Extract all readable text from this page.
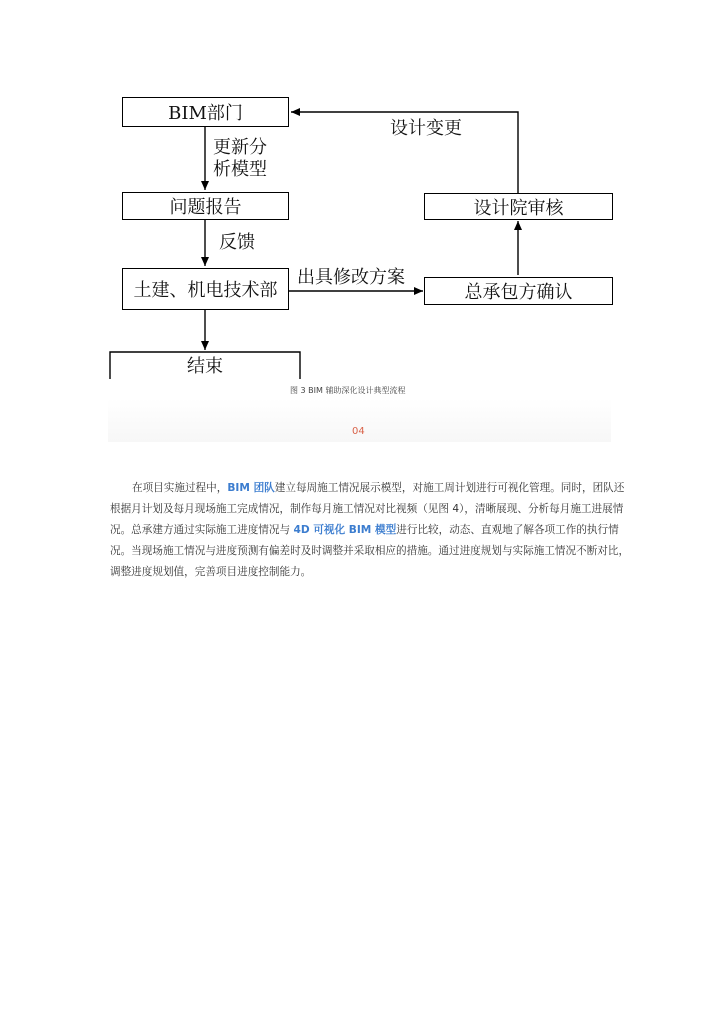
BIM部门
设计变更
更新分
析模型
问题报告	设计院审核
反馈
土建、机电技术部
出具修改方案
总承包方确认
结束
图 3 BIM 辅助深化设计典型流程
04
在项目实施过程中，BIM 团队建立每周施工情况展示模型，对施工周计划进行可视化管理。同时，团队还根据月计划及每月现场施工完成情况，制作每月施工情况对比视频（见图 4），清晰展现、分析每月施工进展情况。总承建方通过实际施工进度情况与 4D 可视化 BIM 模型进行比较，动态、直观地了解各项工作的执行情况。当现场施工情况与进度预测有偏差时及时调整并采取相应的措施。通过进度规划与实际施工情况不断对比，调整进度规划值，完善项目进度控制能力。
